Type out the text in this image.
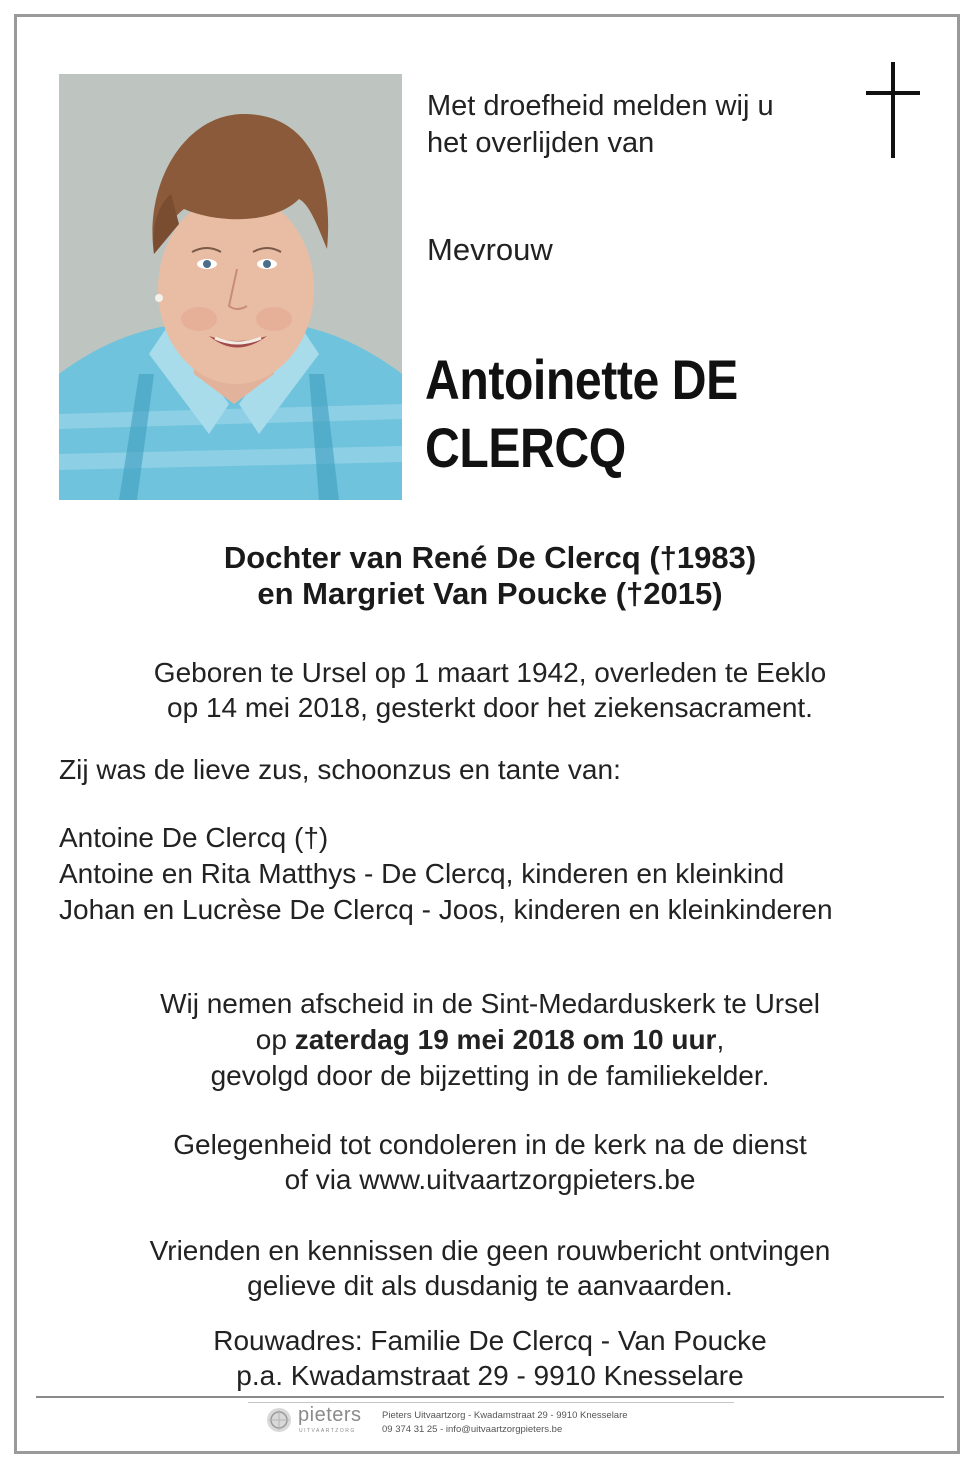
Met droefheid melden wij u
het overlijden van
Mevrouw
Antoinette DE
CLERCQ
Dochter van René De Clercq (†1983)
en Margriet Van Poucke (†2015)
Geboren te Ursel op 1 maart 1942, overleden te Eeklo
op 14 mei 2018, gesterkt door het ziekensacrament.
Zij was de lieve zus, schoonzus en tante van:
Antoine De Clercq (†)
Antoine en Rita Matthys - De Clercq, kinderen en kleinkind
Johan en Lucrèse De Clercq - Joos, kinderen en kleinkinderen
Wij nemen afscheid in de Sint-Medarduskerk te Ursel
op zaterdag 19 mei 2018 om 10 uur,
gevolgd door de bijzetting in de familiekelder.
Gelegenheid tot condoleren in de kerk na de dienst
of via www.uitvaartzorgpieters.be
Vrienden en kennissen die geen rouwbericht ontvingen
gelieve dit als dusdanig te aanvaarden.
Rouwadres: Familie De Clercq - Van Poucke
p.a. Kwadamstraat 29 - 9910 Knesselare
pieters
UITVAARTZORG
Pieters Uitvaartzorg - Kwadamstraat 29 - 9910 Knesselare
09 374 31 25 - info@uitvaartzorgpieters.be
